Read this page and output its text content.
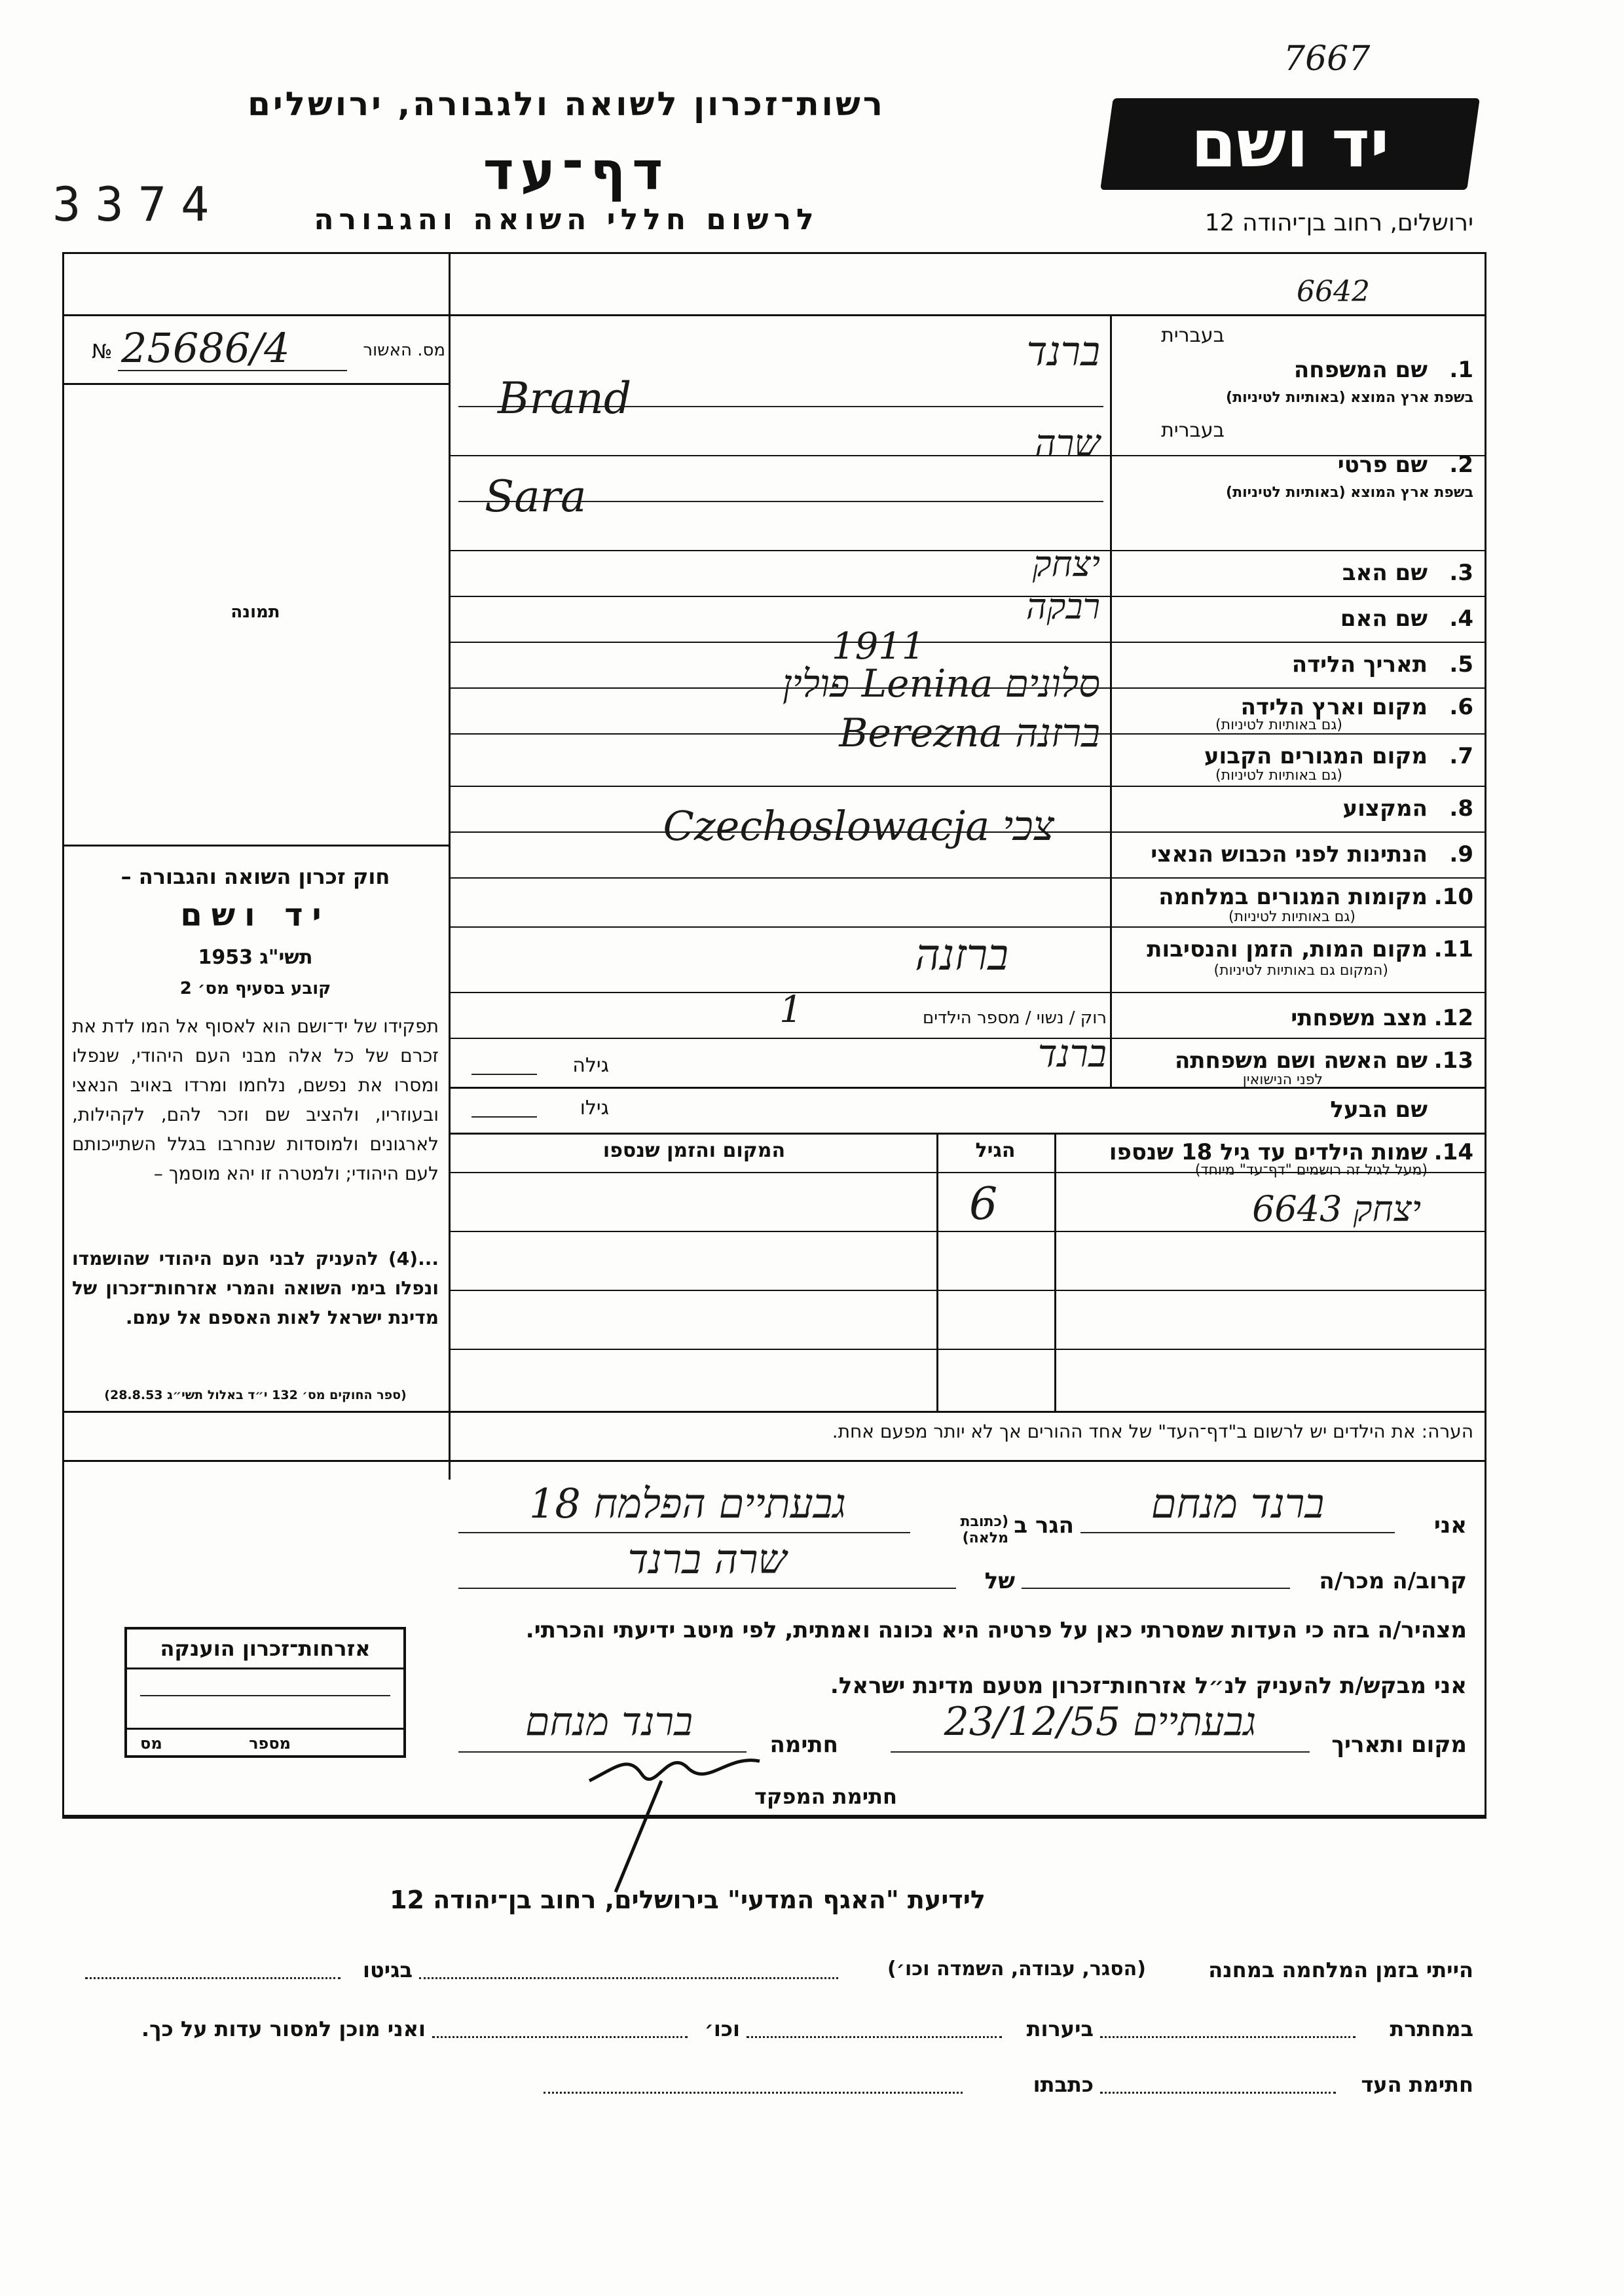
7667
רשות־זכרון לשואה ולגבורה, ירושלים
יד ושם
3374
דף־עד
לרשום חללי השואה והגבורה	ירושלים, רחוב בן־יהודה 12
6642
מס. האשור
25686/4
№
תמונה
חוק זכרון השואה והגבורה –
יד ושם
תשי"ג 1953
קובע בסעיף מס׳ 2
תפקידו של יד־ושם הוא לאסוף אל המו לדת את זכרם של כל אלה מבני העם היהודי, שנפלו ומסרו את נפשם, נלחמו ומרדו באויב הנאצי ובעוזריו, ולהציב שם וזכר להם, לקהילות, לארגונים ולמוסדות שנחרבו בגלל השתייכותם לעם היהודי; ולמטרה זו יהא מוסמך –
...(4) להעניק לבני העם היהודי שהושמדו ונפלו בימי השואה והמרי אזרחות־זכרון של מדינת ישראל לאות האספם אל עמם.
(ספר החוקים מס׳ 132 י״ד באלול תשי״ג 28.8.53)
בעברית
1.
שם המשפחה
בשפת ארץ המוצא (באותיות לטיניות)
ברנד
Brand
בעברית
2.
שם פרטי
בשפת ארץ המוצא (באותיות לטיניות)
שרה
Sara
3.
שם האב
יצחק
4.
שם האם
רבקה
5.
תאריך הלידה
1911
6.
מקום וארץ הלידה
(גם באותיות לטיניות)
סלונים Lenina פולין
7.
מקום המגורים הקבוע
(גם באותיות לטיניות)
ברזנה Berezna
8.
המקצוע
9.
הנתינות לפני הכבוש הנאצי
צכי Czechoslowacja
10.
מקומות המגורים במלחמה
(גם באותיות לטיניות)
11.
מקום המות, הזמן והנסיבות
(המקום גם באותיות לטיניות)
ברזנה
12.
מצב משפחתי
רוק / נשוי / מספר הילדים
1
13.
שם האשה ושם משפחתה
לפני הנישואין
ברנד
גילה
שם הבעל
גילו
14.
שמות הילדים עד גיל 18 שנספו
(מעל לגיל זה רושמים "דף־עד" מיוחד)
הגיל
המקום והזמן שנספו
יצחק 6643
6
הערה: את הילדים יש לרשום ב"דף־העד" של אחד ההורים אך לא יותר מפעם אחת.
אני
ברנד מנחם
הגר ב
(כתובת מלאה)
גבעתיים הפלמח 18
קרוב/ה מכר/ה
של
שרה ברנד
מצהיר/ה בזה כי העדות שמסרתי כאן על פרטיה היא נכונה ואמתית, לפי מיטב ידיעתי והכרתי.
אני מבקש/ת להעניק לנ״ל אזרחות־זכרון מטעם מדינת ישראל.
מקום ותאריך
גבעתיים 23/12/55
חתימה
ברנד מנחם
חתימת המפקד
אזרחות־זכרון הוענקה
מספר
מס
לידיעת "האגף המדעי" בירושלים, רחוב בן־יהודה 12
הייתי בזמן המלחמה במחנה
(הסגר, עבודה, השמדה וכו׳)
בגיטו
במחתרת
ביערות
וכו׳
ואני מוכן למסור עדות על כך.
חתימת העד
כתבתו
